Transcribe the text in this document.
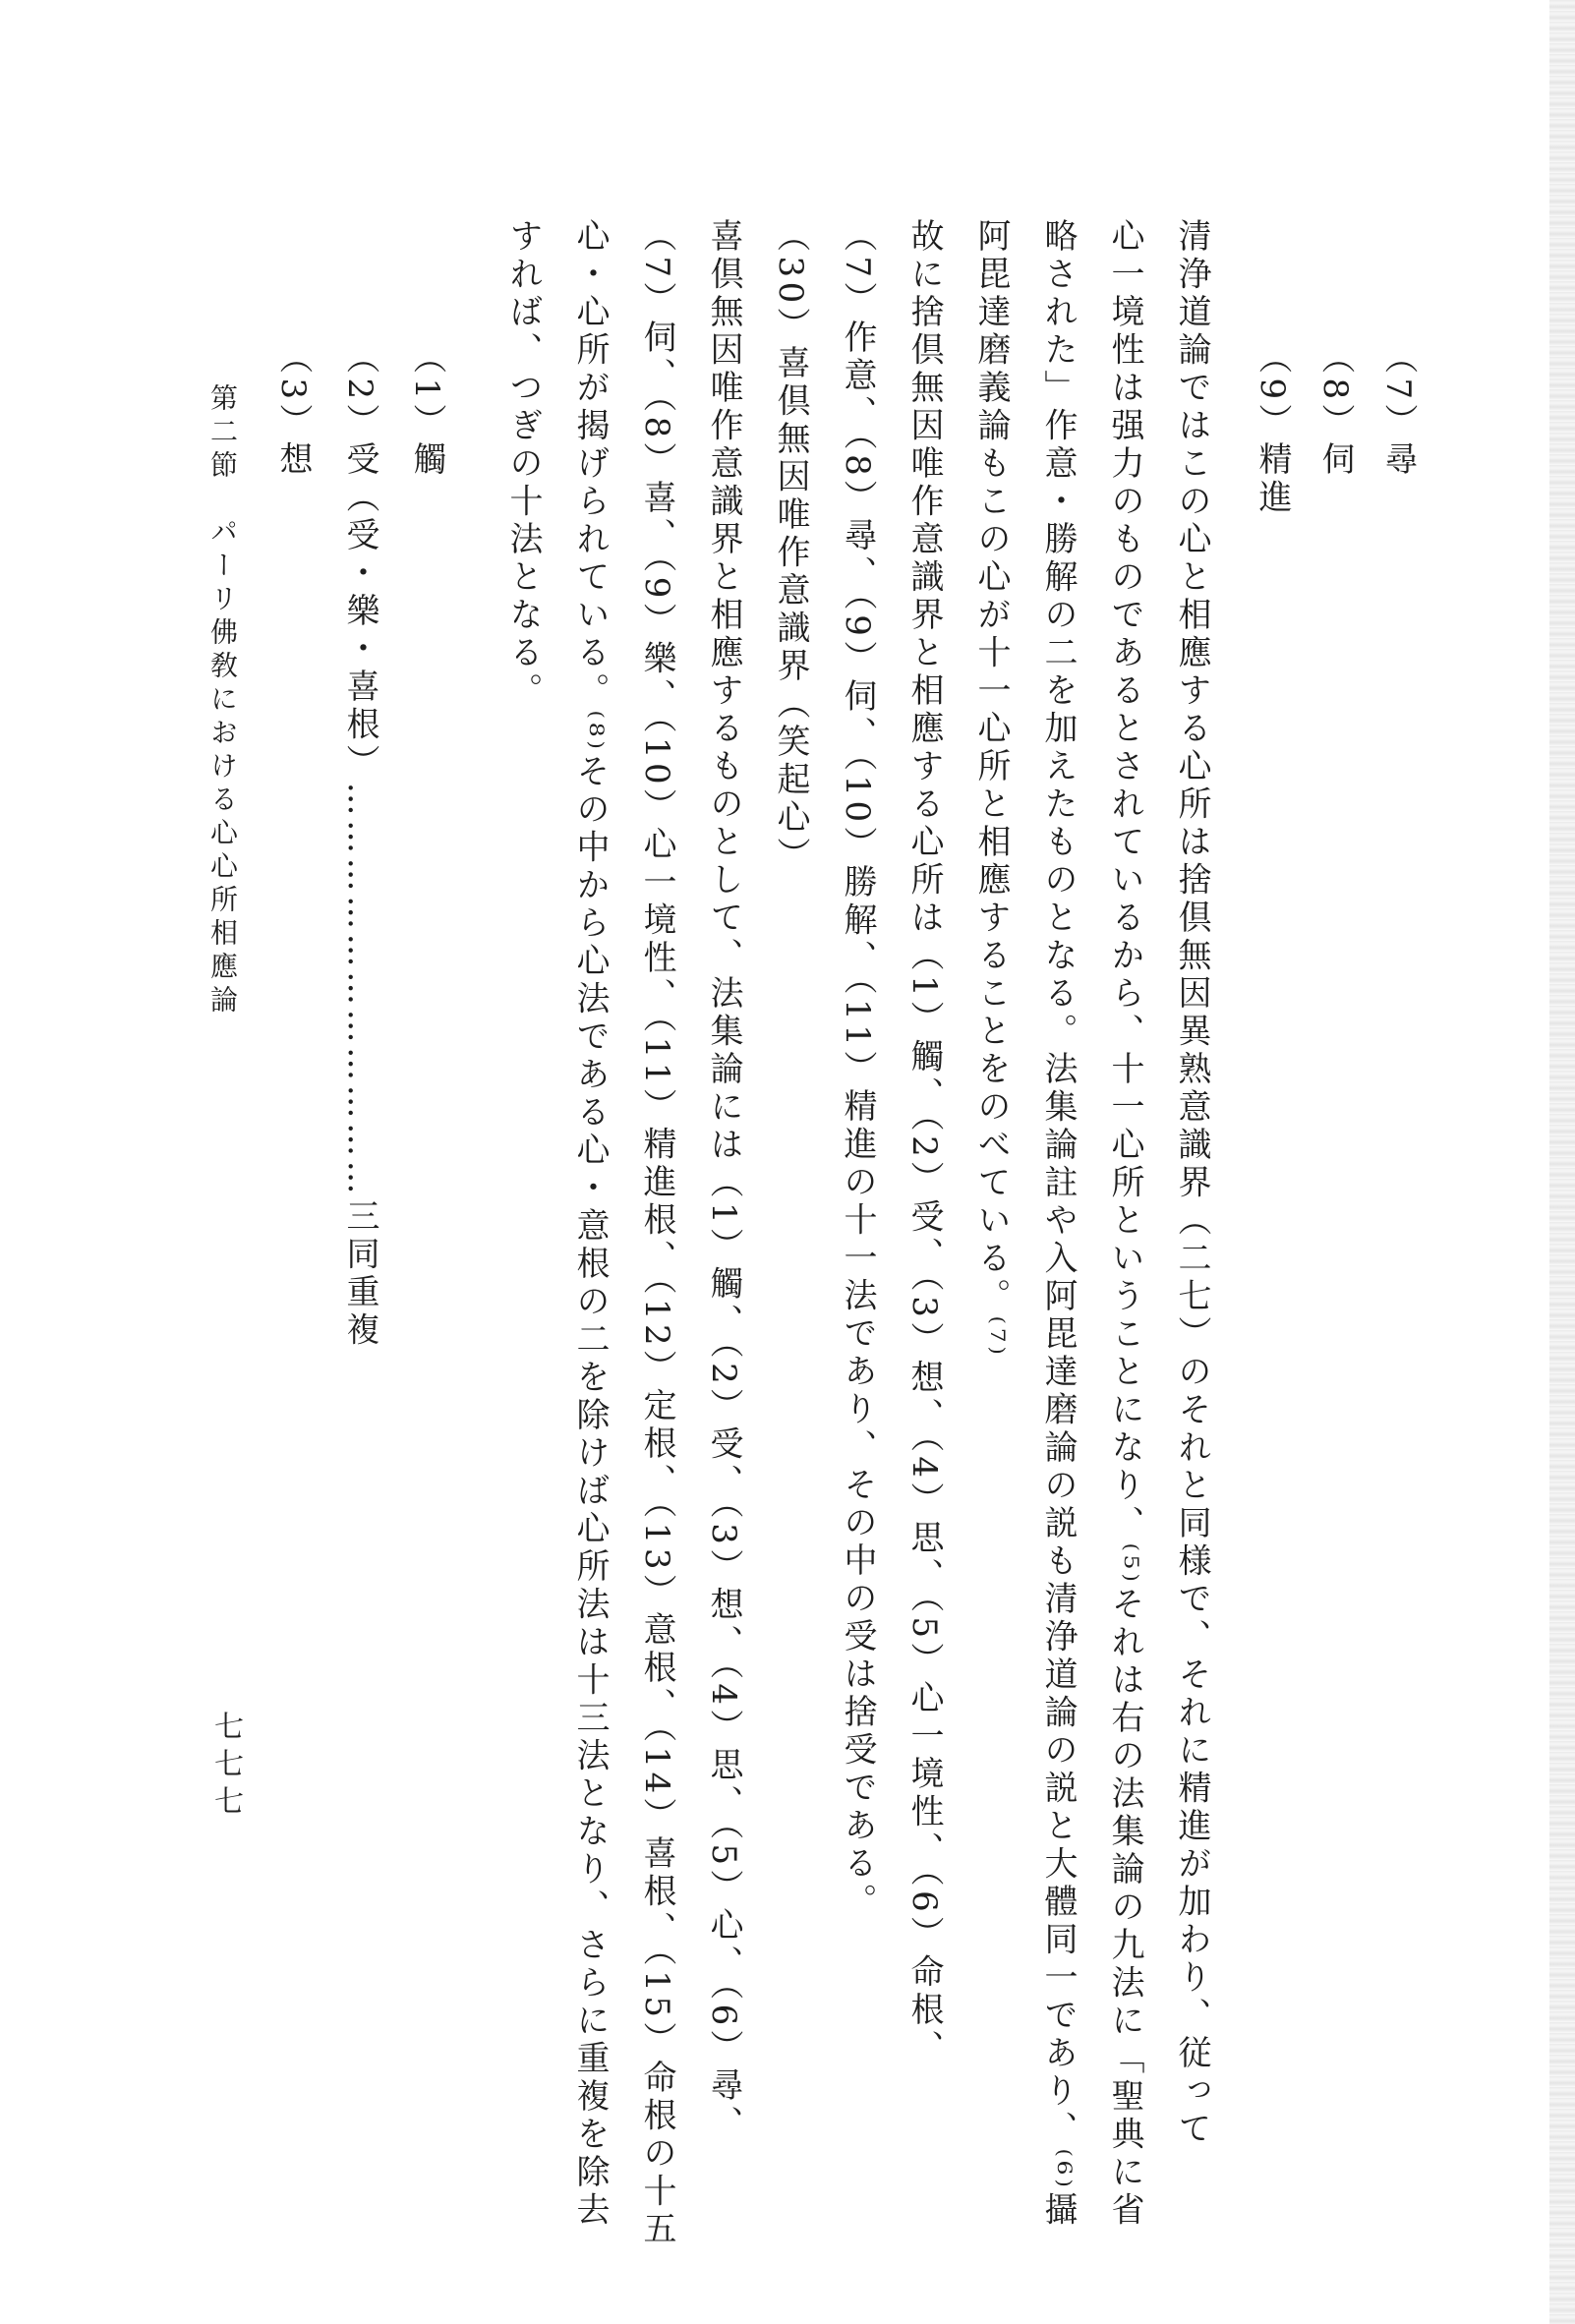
（7）尋
（8）伺
（9）精進
清浄道論ではこの心と相應する心所は捨倶無因異熟意識界（二七）のそれと同様で、それに精進が加わり、従って
心一境性は强力のものであるとされているから、十一心所ということになり、⁽⁵⁾それは右の法集論の九法に「聖典に省
略された」作意・勝解の二を加えたものとなる。法集論註や入阿毘達磨論の説も清浄道論の説と大體同一であり、⁽⁶⁾攝
阿毘達磨義論もこの心が十一心所と相應することをのべている。⁽⁷⁾
故に捨倶無因唯作意識界と相應する心所は（1）觸、（2）受、（3）想、（4）思、（5）心一境性、（6）命根、
（7）作意、（8）尋、（9）伺、（10）勝解、（11）精進の十一法であり、その中の受は捨受である。
（30）喜倶無因唯作意識界（笑起心）
喜倶無因唯作意識界と相應するものとして、法集論には（1）觸、（2）受、（3）想、（4）思、（5）心、（6）尋、
（7）伺、（8）喜、（9）樂、（10）心一境性、（11）精進根、（12）定根、（13）意根、（14）喜根、（15）命根の十五
心・心所が揭げられている。⁽⁸⁾その中から心法である心・意根の二を除けば心所法は十三法となり、さらに重複を除去
すれば、つぎの十法となる。
（1）觸
（2）受（受・樂・喜根）……………………………三同重複
（3）想
第二節　パーリ佛敎における心心所相應論
七七七
